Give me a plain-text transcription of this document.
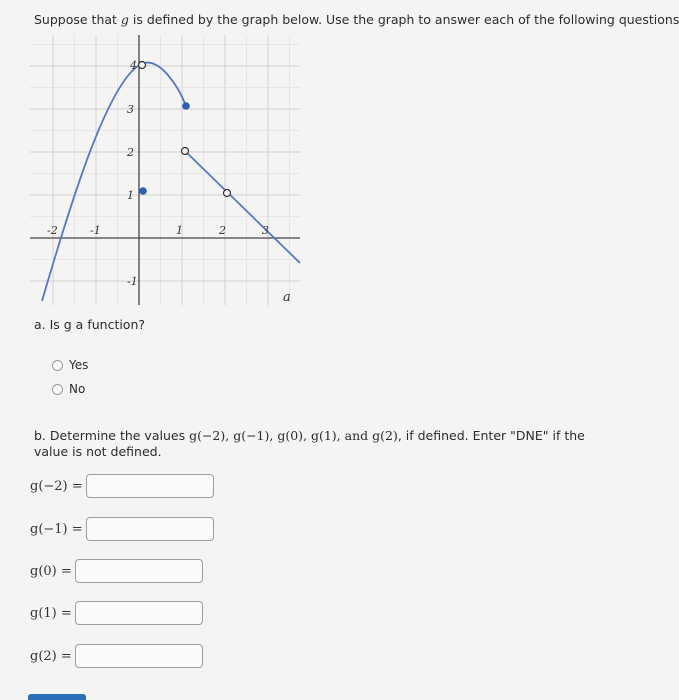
Suppose that g is defined by the graph below. Use the graph to answer each of the following questions
4
a
-2	-1	1	2	3
3
2
1
-1
a. Is g a function?
Yes
No
b. Determine the values g(−2), g(−1), g(0), g(1), and g(2), if defined. Enter "DNE" if the value is not defined.
g(−2) =
g(−1) =
g(0) =
g(1) =
g(2) =
